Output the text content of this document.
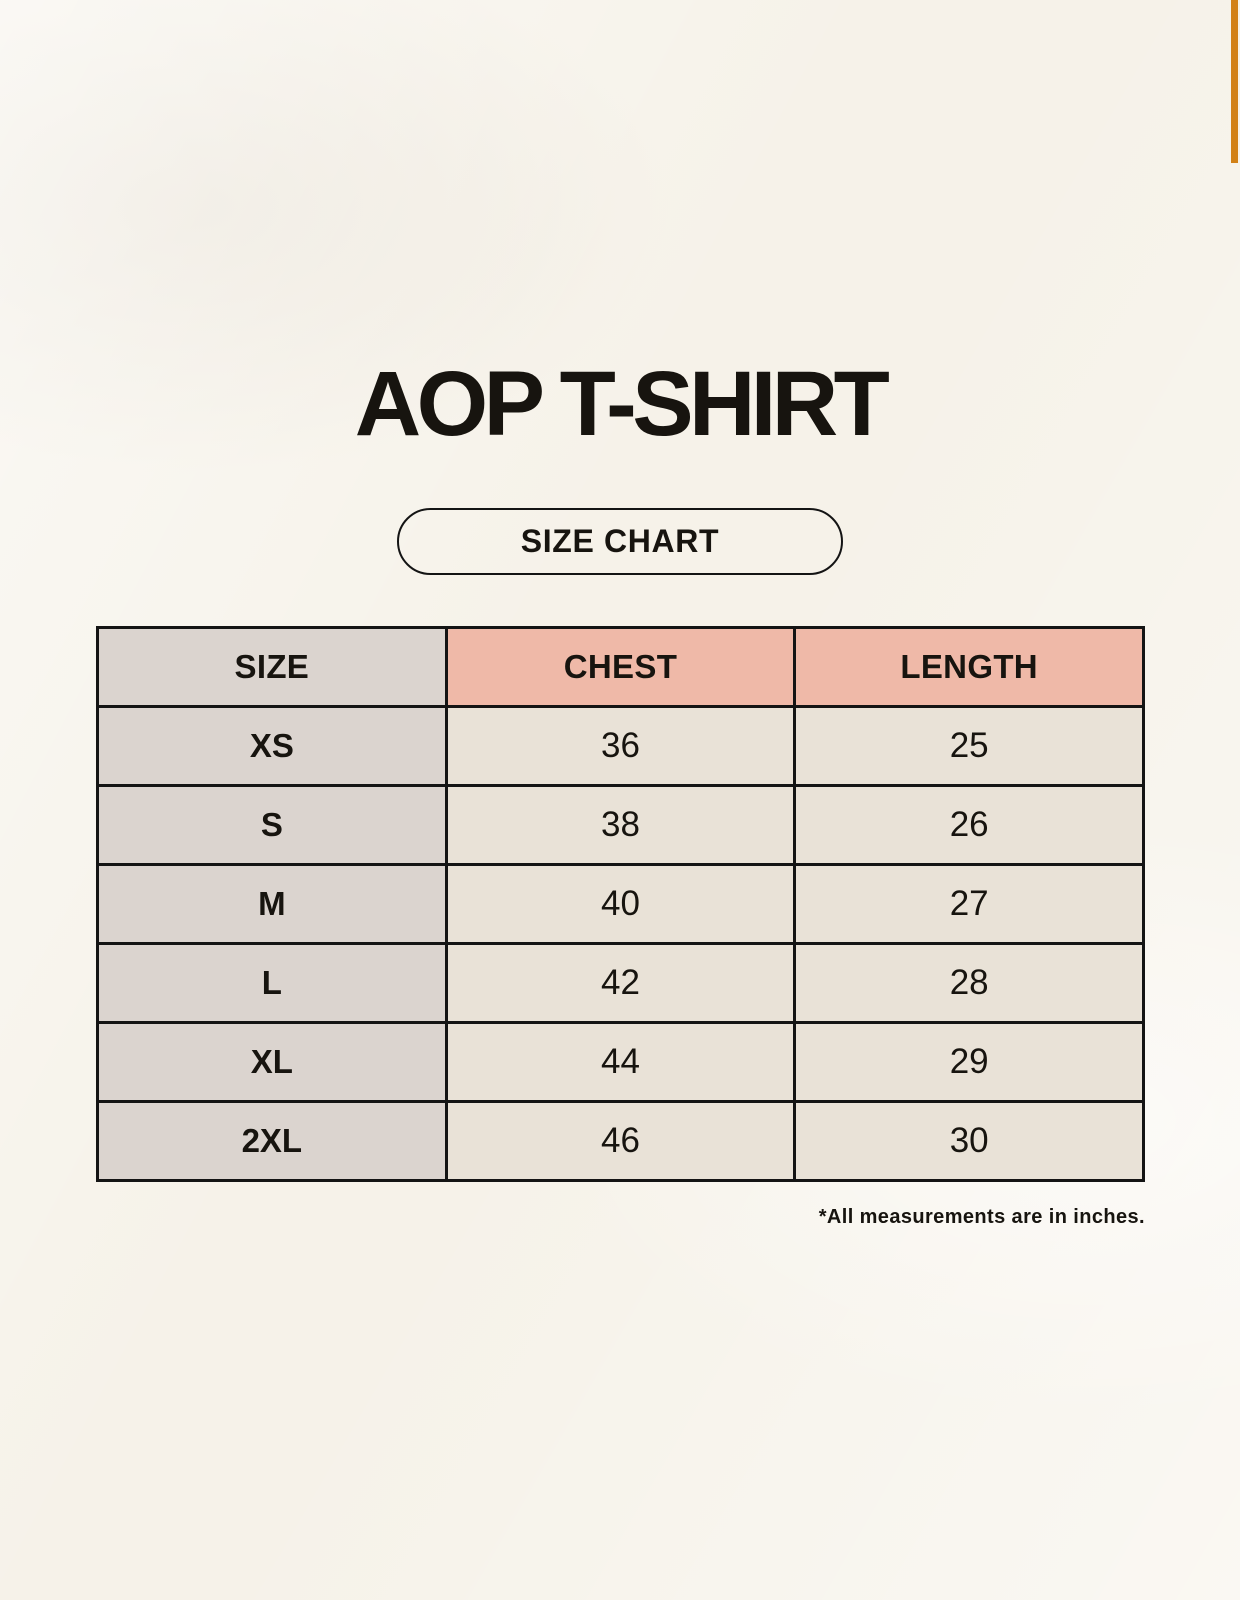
AOP T-SHIRT
SIZE CHART
SIZE	CHEST	LENGTH
XS	36	25
S	38	26
M	40	27
L	42	28
XL	44	29
2XL	46	30
*All measurements are in inches.
